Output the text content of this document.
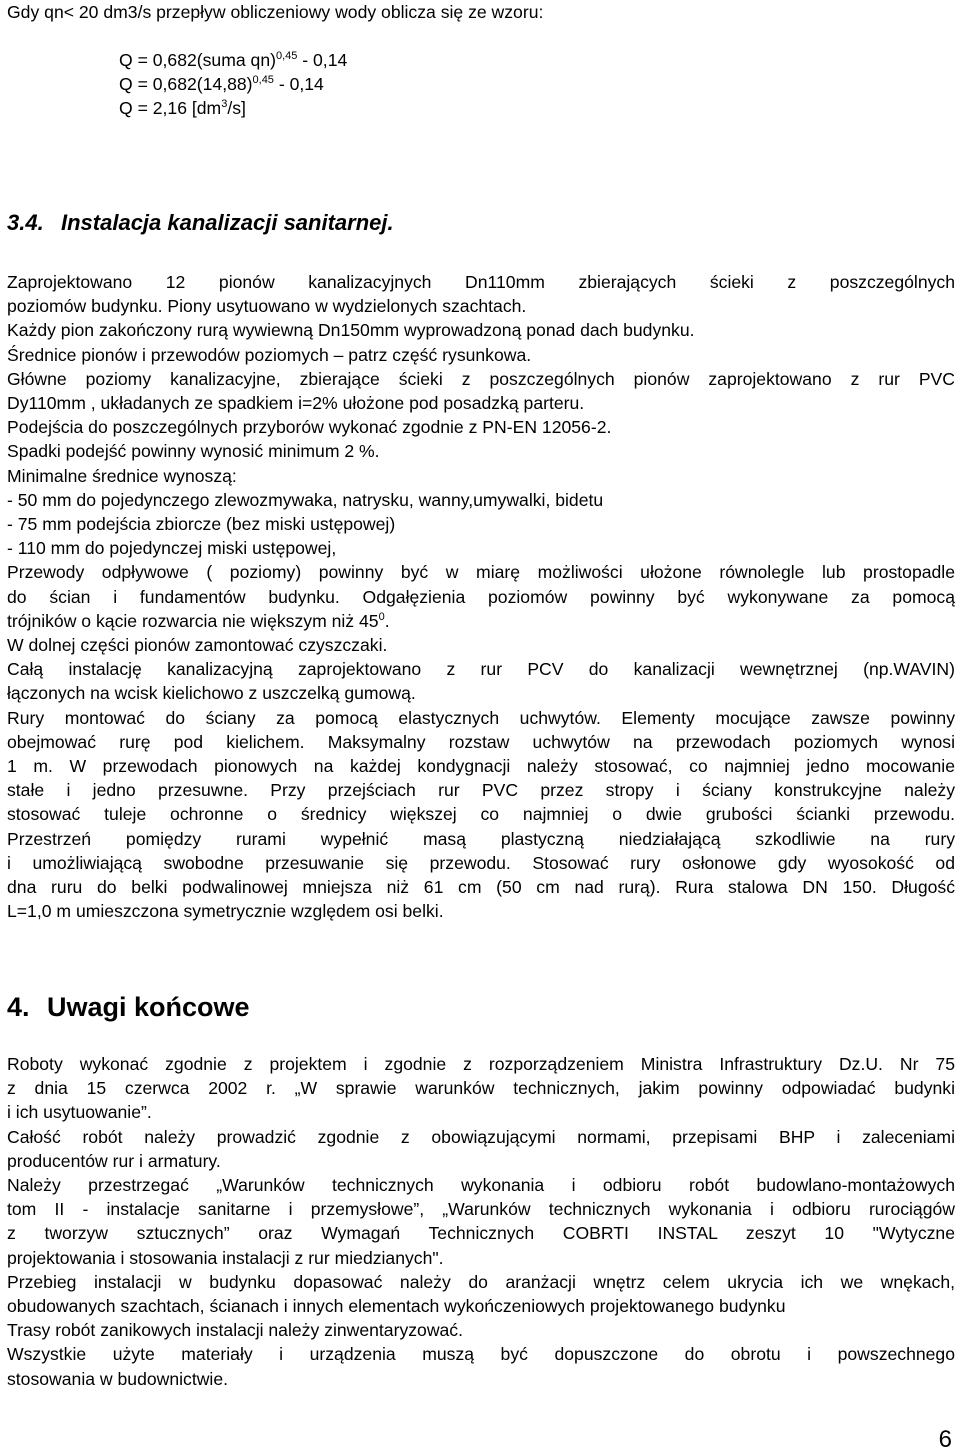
Gdy qn< 20 dm3/s przepływ obliczeniowy wody oblicza się ze wzoru:
Q = 0,682(suma qn)$^{0,45}$ - 0,14
$Q = 0,682(14,88)^{0,45} - 0,14$
Q = 2,16 $[dm^3/s]$
3.4. Instalacja kanalizacji sanitarnej.

Zaprojektowano 12 pionów kanalizacyjnych Dn110mm zbierających ścieki z poszczególnych

poziomów budynku. Piony usytuowano w wydzielonych szachtach.

Każdy pion zakończony rurą wywiewną Dn150mm wyprowadzoną ponad dach budynku.

Średnice pionów i przewodów poziomych – patrz część rysunkowa.

Główne poziomy kanalizacyjne, zbierające ścieki z poszczególnych pionów zaprojektowano z rur PVC

Dy110mm , układanych ze spadkiem i=2% ułożone pod posadzką parteru.

Podejścia do poszczególnych przyborów wykonać zgodnie z PN-EN 12056-2.

Spadki podejść powinny wynosić minimum 2 %.

Minimalne średnice wynoszą:

- 50 mm do pojedynczego zlewozmywaka, natrysku, wanny,umywalki, bidetu

- 75 mm podejścia zbiorcze (bez miski ustępowej)

- 110 mm do pojedynczej miski ustępowej,

Przewody odpływowe ( poziomy) powinny być w miarę możliwości ułożone równolegle lub prostopadle

do ścian i fundamentów budynku. Odgałęzienia poziomów powinny być wykonywane za pomocą

trójników o kącie rozwarcia nie większym niż $45^0$.

W dolnej części pionów zamontować czyszczaki.

Całą instalację kanalizacyjną zaprojektowano z rur PCV do kanalizacji wewnętrznej (np.WAVIN)

łączonych na wcisk kielichowo z uszczelką gumową.

Rury montować do ściany za pomocą elastycznych uchwytów. Elementy mocujące zawsze powinny

obejmować rurę pod kielichem. Maksymalny rozstaw uchwytów na przewodach poziomych wynosi

1 m. W przewodach pionowych na każdej kondygnacji należy stosować, co najmniej jedno mocowanie

stałe i jedno przesuwne. Przy przejściach rur PVC przez stropy i ściany konstrukcyjne należy

stosować tuleje ochronne o średnicy większej co najmniej o dwie grubości ścianki przewodu.

Przestrzeń pomiędzy rurami wypełnić masą plastyczną niedziałającą szkodliwie na rury

i umożliwiającą swobodne przesuwanie się przewodu. Stosować rury osłonowe gdy wyosokość od

dna ruru do belki podwalinowej mniejsza niż 61 cm (50 cm nad rurą). Rura stalowa DN 150. Długość

L=1,0 m umieszczona symetrycznie względem osi belki.

4. Uwagi końcowe

Roboty wykonać zgodnie z projektem i zgodnie z rozporządzeniem Ministra Infrastruktury Dz.U. Nr 75

z dnia 15 czerwca 2002 r. „W sprawie warunków technicznych, jakim powinny odpowiadać budynki

i ich usytuowanie”.

Całość robót należy prowadzić zgodnie z obowiązującymi normami, przepisami BHP i zaleceniami

producentów rur i armatury.

Należy przestrzegać „Warunków technicznych wykonania i odbioru robót budowlano-montażowych

tom II - instalacje sanitarne i przemysłowe”, „Warunków technicznych wykonania i odbioru rurociągów

z tworzyw sztucznych” oraz Wymagań Technicznych COBRTI INSTAL zeszyt 10 "Wytyczne

projektowania i stosowania instalacji z rur miedzianych".

Przebieg instalacji w budynku dopasować należy do aranżacji wnętrz celem ukrycia ich we wnękach,

obudowanych szachtach, ścianach i innych elementach wykończeniowych projektowanego budynku

Trasy robót zanikowych instalacji należy zinwentaryzować.

Wszystkie użyte materiały i urządzenia muszą być dopuszczone do obrotu i powszechnego

stosowania w budownictwie.

6
